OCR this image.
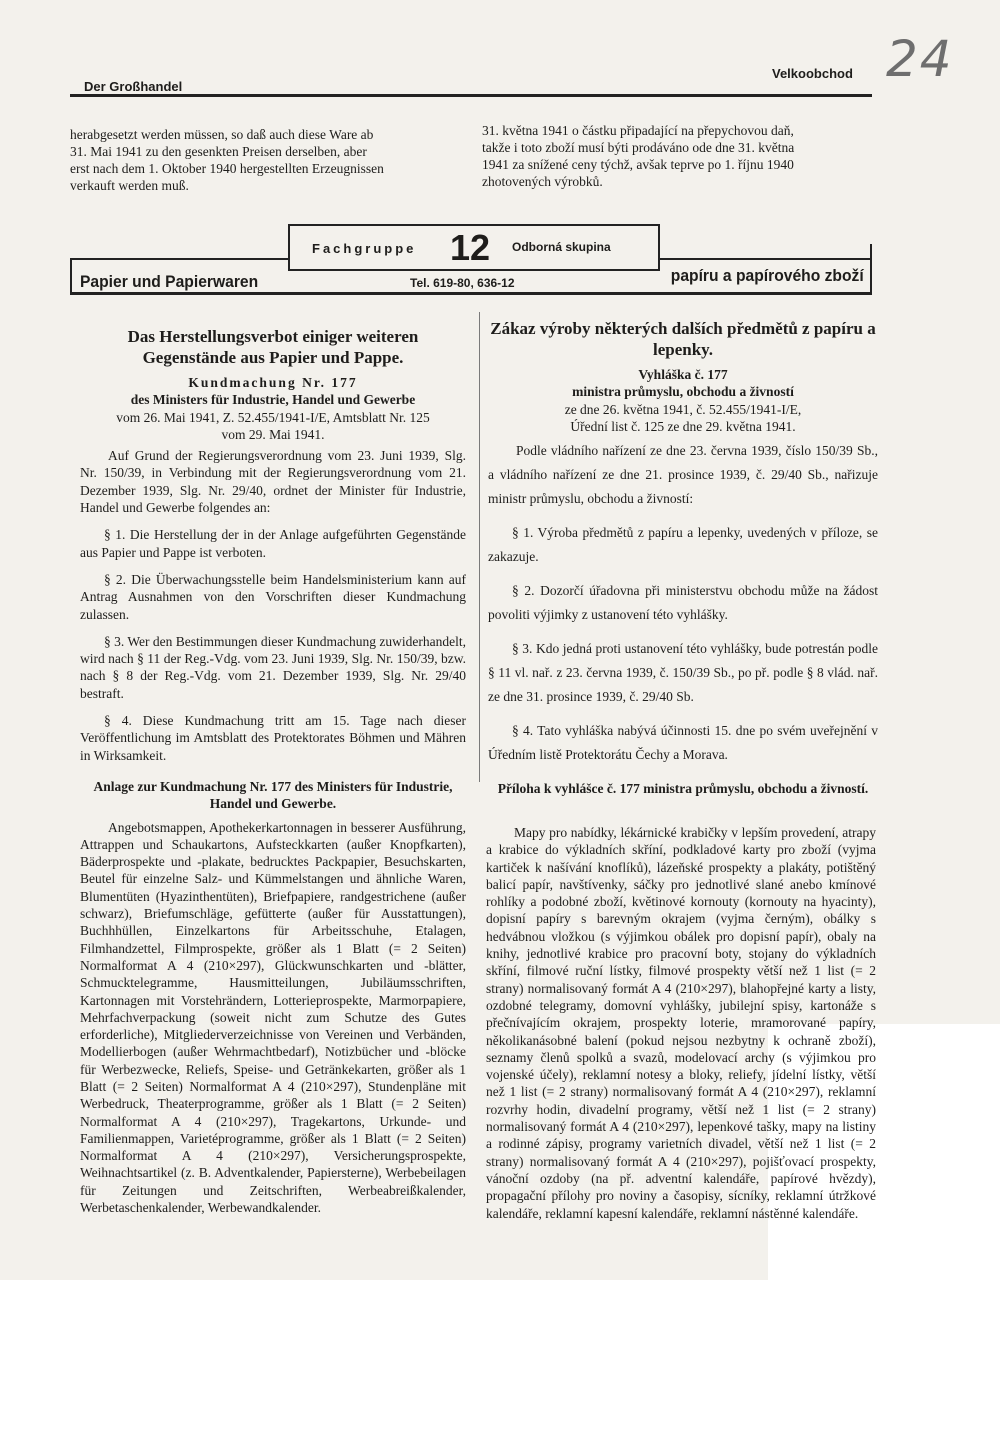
24
Der Großhandel
Velkoobchod

herabgesetzt werden müssen, so daß auch diese Ware ab

31. Mai 1941 zu den gesenkten Preisen derselben, aber

erst nach dem 1. Oktober 1940 hergestellten Erzeugnissen

verkauft werden muß.

31. května 1941 o částku připadající na přepychovou daň,

takže i toto zboží musí býti prodáváno ode dne 31. května

1941 za snížené ceny týchž, avšak teprve po 1. říjnu 1940

zhotovených výrobků.

Fachgruppe 12 Odborná skupina
Papier und Papierwaren	Tel. 619-80, 636-12	papíru a papírového zboží

Das Herstellungsverbot einiger weiteren Gegenstände aus Papier und Pappe.

Kundmachung Nr. 177

des Ministers für Industrie, Handel und Gewerbe

vom 26. Mai 1941, Z. 52.455/1941-I/E, Amtsblatt Nr. 125

vom 29. Mai 1941.

Auf Grund der Regierungsverordnung vom 23. Juni 1939, Slg. Nr. 150/39, in Verbindung mit der Regierungsverordnung vom 21. Dezember 1939, Slg. Nr. 29/40, ordnet der Minister für Industrie, Handel und Gewerbe folgendes an:

§ 1. Die Herstellung der in der Anlage aufgeführten Gegenstände aus Papier und Pappe ist verboten.

§ 2. Die Überwachungsstelle beim Handelsministerium kann auf Antrag Ausnahmen von den Vorschriften dieser Kundmachung zulassen.

§ 3. Wer den Bestimmungen dieser Kundmachung zuwiderhandelt, wird nach § 11 der Reg.-Vdg. vom 23. Juni 1939, Slg. Nr. 150/39, bzw. nach § 8 der Reg.-Vdg. vom 21. Dezember 1939, Slg. Nr. 29/40 bestraft.

§ 4. Diese Kundmachung tritt am 15. Tage nach dieser Veröffentlichung im Amtsblatt des Protektorates Böhmen und Mähren in Wirksamkeit.

Anlage zur Kundmachung Nr. 177 des Ministers für Industrie, Handel und Gewerbe.

Angebotsmappen, Apothekerkartonnagen in besserer Ausführung, Attrappen und Schaukartons, Aufsteckkarten (außer Knopfkarten), Bäderprospekte und -plakate, bedrucktes Packpapier, Besuchskarten, Beutel für einzelne Salz- und Kümmelstangen und ähnliche Waren, Blumentüten (Hyazinthentüten), Briefpapiere, randgestrichene (außer schwarz), Briefumschläge, gefütterte (außer für Ausstattungen), Buchhhüllen, Einzelkartons für Arbeitsschuhe, Etalagen, Filmhandzettel, Filmprospekte, größer als 1 Blatt (= 2 Seiten) Normalformat A 4 (210×297), Glückwunschkarten und -blätter, Schmucktelegramme, Hausmitteilungen, Jubiläumsschriften, Kartonnagen mit Vorstehrändern, Lotterieprospekte, Marmorpapiere, Mehrfachverpackung (soweit nicht zum Schutze des Gutes erforderliche), Mitgliederverzeichnisse von Vereinen und Verbänden, Modellierbogen (außer Wehrmachtbedarf), Notizbücher und -blöcke für Werbezwecke, Reliefs, Speise- und Getränkekarten, größer als 1 Blatt (= 2 Seiten) Normalformat A 4 (210×297), Stundenpläne mit Werbedruck, Theaterprogramme, größer als 1 Blatt (= 2 Seiten) Normalformat A 4 (210×297), Tragekartons, Urkunde- und Familienmappen, Varietéprogramme, größer als 1 Blatt (= 2 Seiten) Normalformat A 4 (210×297), Versicherungsprospekte, Weihnachtsartikel (z. B. Adventkalender, Papiersterne), Werbebeilagen für Zeitungen und Zeitschriften, Werbeabreißkalender, Werbetaschenkalender, Werbewandkalender.

Zákaz výroby některých dalších předmětů z papíru a lepenky.

Vyhláška č. 177

ministra průmyslu, obchodu a živností

ze dne 26. května 1941, č. 52.455/1941-I/E,

Úřední list č. 125 ze dne 29. května 1941.

Podle vládního nařízení ze dne 23. června 1939, číslo 150/39 Sb., a vládního nařízení ze dne 21. prosince 1939, č. 29/40 Sb., nařizuje ministr průmyslu, obchodu a živností:

§ 1. Výroba předmětů z papíru a lepenky, uvedených v příloze, se zakazuje.

§ 2. Dozorčí úřadovna při ministerstvu obchodu může na žádost povoliti výjimky z ustanovení této vyhlášky.

§ 3. Kdo jedná proti ustanovení této vyhlášky, bude potrestán podle § 11 vl. nař. z 23. června 1939, č. 150/39 Sb., po př. podle § 8 vlád. nař. ze dne 31. prosince 1939, č. 29/40 Sb.

§ 4. Tato vyhláška nabývá účinnosti 15. dne po svém uveřejnění v Úředním listě Protektorátu Čechy a Morava.

Příloha k vyhlášce č. 177 ministra průmyslu, obchodu a živností.

Mapy pro nabídky, lékárnické krabičky v lepším provedení, atrapy a krabice do výkladních skříní, podkladové karty pro zboží (vyjma kartiček k našívání knoflíků), lázeňské prospekty a plakáty, potištěný balicí papír, navštívenky, sáčky pro jednotlivé slané anebo kmínové rohlíky a podobné zboží, květinové kornouty (kornouty na hyacinty), dopisní papíry s barevným okrajem (vyjma černým), obálky s hedvábnou vložkou (s výjimkou obálek pro dopisní papír), obaly na knihy, jednotlivé krabice pro pracovní boty, stojany do výkladních skříní, filmové ruční lístky, filmové prospekty větší než 1 list (= 2 strany) normalisovaný formát A 4 (210×297), blahopřejné karty a listy, ozdobné telegramy, domovní vyhlášky, jubilejní spisy, kartonáže s přečnívajícím okrajem, prospekty loterie, mramorované papíry, několikanásobné balení (pokud nejsou nezbytny k ochraně zboží), seznamy členů spolků a svazů, modelovací archy (s výjimkou pro vojenské účely), reklamní notesy a bloky, reliefy, jídelní lístky, větší než 1 list (= 2 strany) normalisovaný formát A 4 (210×297), reklamní rozvrhy hodin, divadelní programy, větší než 1 list (= 2 strany) normalisovaný formát A 4 (210×297), lepenkové tašky, mapy na listiny a rodinné zápisy, programy varietních divadel, větší než 1 list (= 2 strany) normalisovaný formát A 4 (210×297), pojišťovací prospekty, vánoční ozdoby (na př. adventní kalendáře, papírové hvězdy), propagační přílohy pro noviny a časopisy, sícníky, reklamní útržkové kalendáře, reklamní kapesní kalendáře, reklamní nástěnné kalendáře.
